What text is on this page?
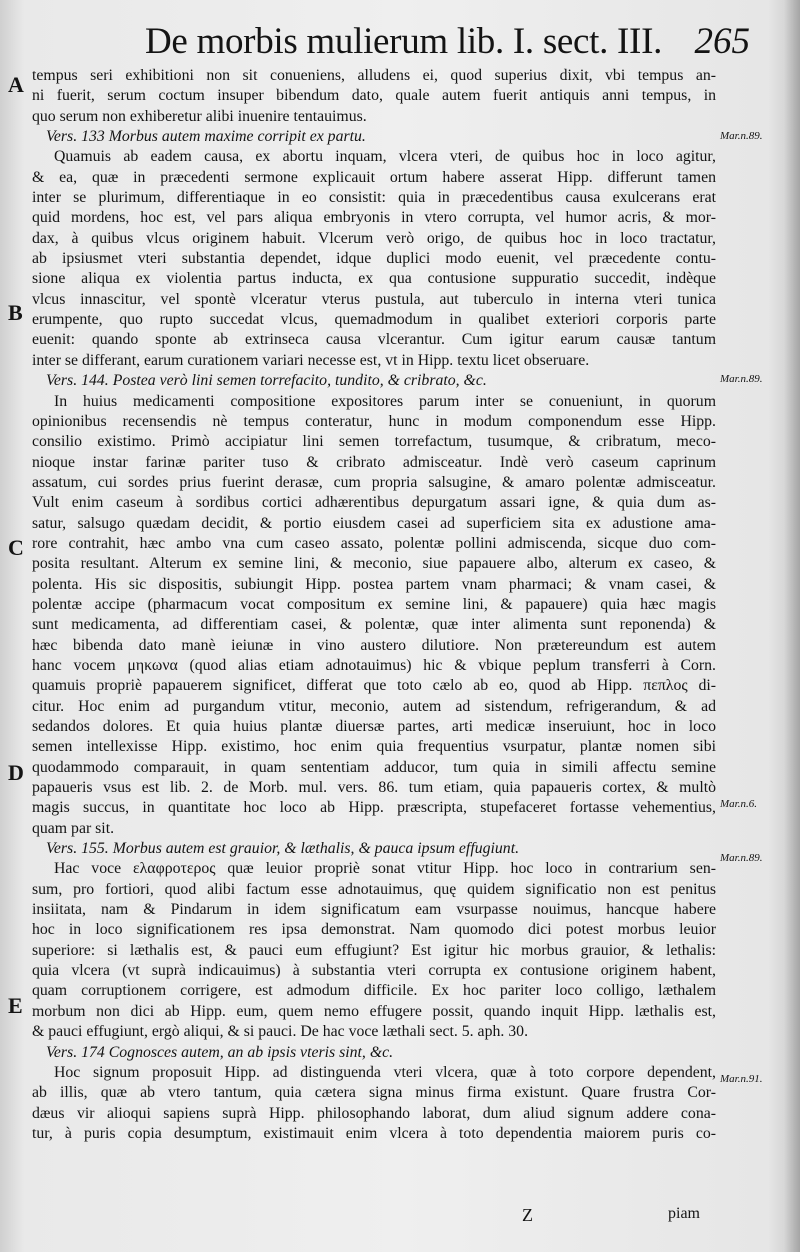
De morbis mulierum lib. I. sect. III. 265
A
B
C
D
E
Mar.n.89.
Mar.n.89.
Mar.n.6.
Mar.n.89.
Mar.n.91.
tempus seri exhibitioni non sit conueniens, alludens ei, quod superius dixit, vbi tempus an-
ni fuerit, serum coctum insuper bibendum dato, quale autem fuerit antiquis anni tempus, in
quo serum non exhiberetur alibi inuenire tentauimus.
Vers. 133 Morbus autem maxime corripit ex partu.
Quamuis ab eadem causa, ex abortu inquam, vlcera vteri, de quibus hoc in loco agitur,
& ea, quæ in præcedenti sermone explicauit ortum habere asserat Hipp. differunt tamen
inter se plurimum, differentiaque in eo consistit: quia in præcedentibus causa exulcerans erat
quid mordens, hoc est, vel pars aliqua embryonis in vtero corrupta, vel humor acris, & mor-
dax, à quibus vlcus originem habuit. Vlcerum verò origo, de quibus hoc in loco tractatur,
ab ipsiusmet vteri substantia dependet, idque duplici modo euenit, vel præcedente contu-
sione aliqua ex violentia partus inducta, ex qua contusione suppuratio succedit, indèque
vlcus innascitur, vel spontè vlceratur vterus pustula, aut tuberculo in interna vteri tunica
erumpente, quo rupto succedat vlcus, quemadmodum in qualibet exteriori corporis parte
euenit: quando sponte ab extrinseca causa vlcerantur. Cum igitur earum causæ tantum
inter se differant, earum curationem variari necesse est, vt in Hipp. textu licet obseruare.
Vers. 144. Postea verò lini semen torrefacito, tundito, & cribrato, &c.
In huius medicamenti compositione expositores parum inter se conueniunt, in quorum
opinionibus recensendis nè tempus conteratur, hunc in modum componendum esse Hipp.
consilio existimo. Primò accipiatur lini semen torrefactum, tusumque, & cribratum, meco-
nioque instar farinæ pariter tuso & cribrato admisceatur. Indè verò caseum caprinum
assatum, cui sordes prius fuerint derasæ, cum propria salsugine, & amaro polentæ admisceatur.
Vult enim caseum à sordibus cortici adhærentibus depurgatum assari igne, & quia dum as-
satur, salsugo quædam decidit, & portio eiusdem casei ad superficiem sita ex adustione ama-
rore contrahit, hæc ambo vna cum caseo assato, polentæ pollini admiscenda, sicque duo com-
posita resultant. Alterum ex semine lini, & meconio, siue papauere albo, alterum ex caseo, &
polenta. His sic dispositis, subiungit Hipp. postea partem vnam pharmaci; & vnam casei, &
polentæ accipe (pharmacum vocat compositum ex semine lini, & papauere) quia hæc magis
sunt medicamenta, ad differentiam casei, & polentæ, quæ inter alimenta sunt reponenda) &
hæc bibenda dato manè ieiunæ in vino austero dilutiore. Non prætereundum est autem
hanc vocem μηκωνα (quod alias etiam adnotauimus) hic & vbique peplum transferri à Corn.
quamuis propriè papauerem significet, differat que toto cælo ab eo, quod ab Hipp. πεπλος di-
citur. Hoc enim ad purgandum vtitur, meconio, autem ad sistendum, refrigerandum, & ad
sedandos dolores. Et quia huius plantæ diuersæ partes, arti medicæ inseruiunt, hoc in loco
semen intellexisse Hipp. existimo, hoc enim quia frequentius vsurpatur, plantæ nomen sibi
quodammodo comparauit, in quam sententiam adducor, tum quia in simili affectu semine
papaueris vsus est lib. 2. de Morb. mul. vers. 86. tum etiam, quia papaueris cortex, & multò
magis succus, in quantitate hoc loco ab Hipp. præscripta, stupefaceret fortasse vehementius,
quam par sit.
Vers. 155. Morbus autem est grauior, & læthalis, & pauca ipsum effugiunt.
Hac voce ελαφροτερος quæ leuior propriè sonat vtitur Hipp. hoc loco in contrarium sen-
sum, pro fortiori, quod alibi factum esse adnotauimus, quę quidem significatio non est penitus
insiitata, nam & Pindarum in idem significatum eam vsurpasse nouimus, hancque habere
hoc in loco significationem res ipsa demonstrat. Nam quomodo dici potest morbus leuior
superiore: si læthalis est, & pauci eum effugiunt? Est igitur hic morbus grauior, & lethalis:
quia vlcera (vt suprà indicauimus) à substantia vteri corrupta ex contusione originem habent,
quam corruptionem corrigere, est admodum difficile. Ex hoc pariter loco colligo, læthalem
morbum non dici ab Hipp. eum, quem nemo effugere possit, quando inquit Hipp. læthalis est,
& pauci effugiunt, ergò aliqui, & si pauci. De hac voce læthali sect. 5. aph. 30.
Vers. 174 Cognosces autem, an ab ipsis vteris sint, &c.
Hoc signum proposuit Hipp. ad distinguenda vteri vlcera, quæ à toto corpore dependent,
ab illis, quæ ab vtero tantum, quia cætera signa minus firma existunt. Quare frustra Cor-
dæus vir alioqui sapiens suprà Hipp. philosophando laborat, dum aliud signum addere cona-
tur, à puris copia desumptum, existimauit enim vlcera à toto dependentia maiorem puris co-
Z	piam
